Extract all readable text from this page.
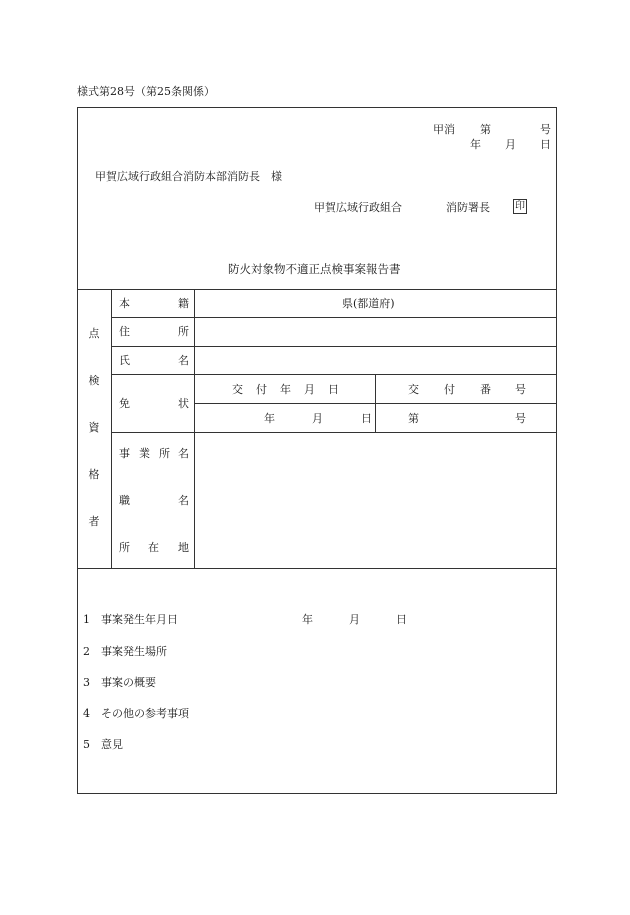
様式第28号（第25条関係）
甲消 第	号
年 月 日
甲賀広域行政組合消防本部消防長　様
甲賀広域行政組合	消防署長	印
防火対象物不適正点検事案報告書
点
検
資
格
者
本	籍	県(都道府)
住	所
氏	名
免	状
交 付 年 月 日	交 付 番 号
年	月	日	第	号
事 業 所 名
職	名
所 在 地
1 事案発生年月日	年	月	日
2 事案発生場所
3 事案の概要
4 その他の参考事項
5 意見
